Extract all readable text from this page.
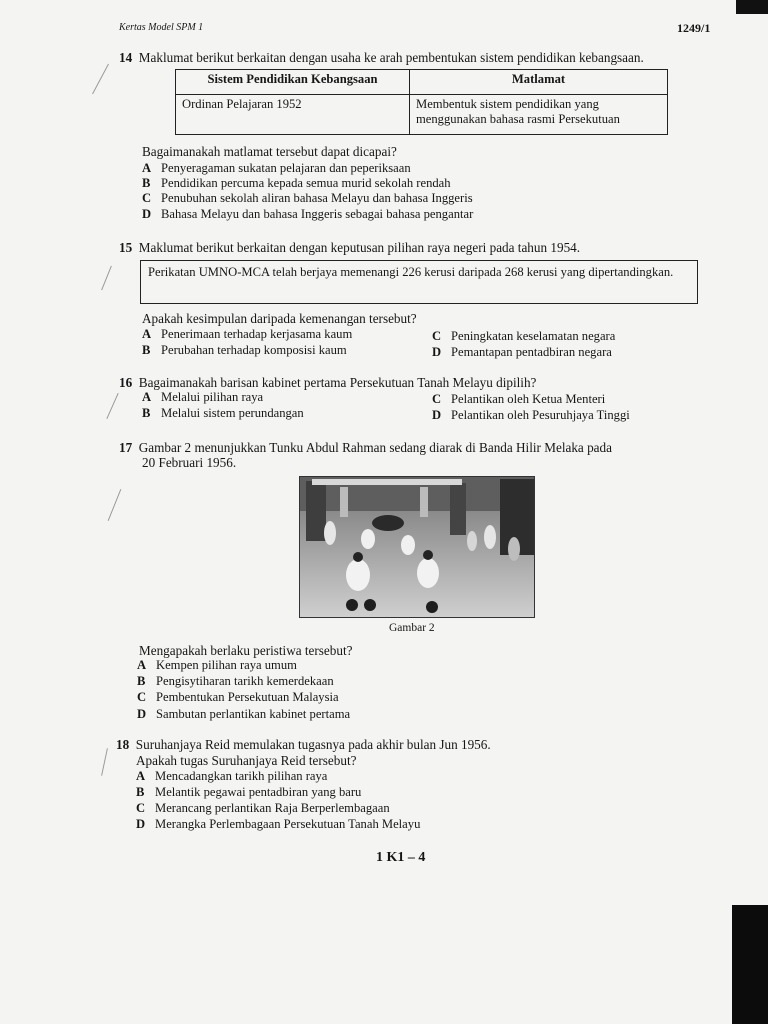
Kertas Model SPM 1	1249/1
14 Maklumat berikut berkaitan dengan usaha ke arah pembentukan sistem pendidikan kebangsaan.
Sistem Pendidikan Kebangsaan	Matlamat
Ordinan Pelajaran 1952	Membentuk sistem pendidikan yang
menggunakan bahasa rasmi Persekutuan
Bagaimanakah matlamat tersebut dapat dicapai?
A Penyeragaman sukatan pelajaran dan peperiksaan
B Pendidikan percuma kepada semua murid sekolah rendah
C Penubuhan sekolah aliran bahasa Melayu dan bahasa Inggeris
D Bahasa Melayu dan bahasa Inggeris sebagai bahasa pengantar
15 Maklumat berikut berkaitan dengan keputusan pilihan raya negeri pada tahun 1954.
Perikatan UMNO-MCA telah berjaya memenangi 226 kerusi daripada 268 kerusi yang dipertandingkan.
Apakah kesimpulan daripada kemenangan tersebut?
A Penerimaan terhadap kerjasama kaum
B Perubahan terhadap komposisi kaum
C Peningkatan keselamatan negara
D Pemantapan pentadbiran negara
16 Bagaimanakah barisan kabinet pertama Persekutuan Tanah Melayu dipilih?
A Melalui pilihan raya
B Melalui sistem perundangan
C Pelantikan oleh Ketua Menteri
D Pelantikan oleh Pesuruhjaya Tinggi
17 Gambar 2 menunjukkan Tunku Abdul Rahman sedang diarak di Banda Hilir Melaka pada
20 Februari 1956.
Gambar 2
Mengapakah berlaku peristiwa tersebut?
A Kempen pilihan raya umum
B Pengisytiharan tarikh kemerdekaan
C Pembentukan Persekutuan Malaysia
D Sambutan perlantikan kabinet pertama
18 Suruhanjaya Reid memulakan tugasnya pada akhir bulan Jun 1956.
Apakah tugas Suruhanjaya Reid tersebut?
A Mencadangkan tarikh pilihan raya
B Melantik pegawai pentadbiran yang baru
C Merancang perlantikan Raja Berperlembagaan
D Merangka Perlembagaan Persekutuan Tanah Melayu
1 K1 – 4
